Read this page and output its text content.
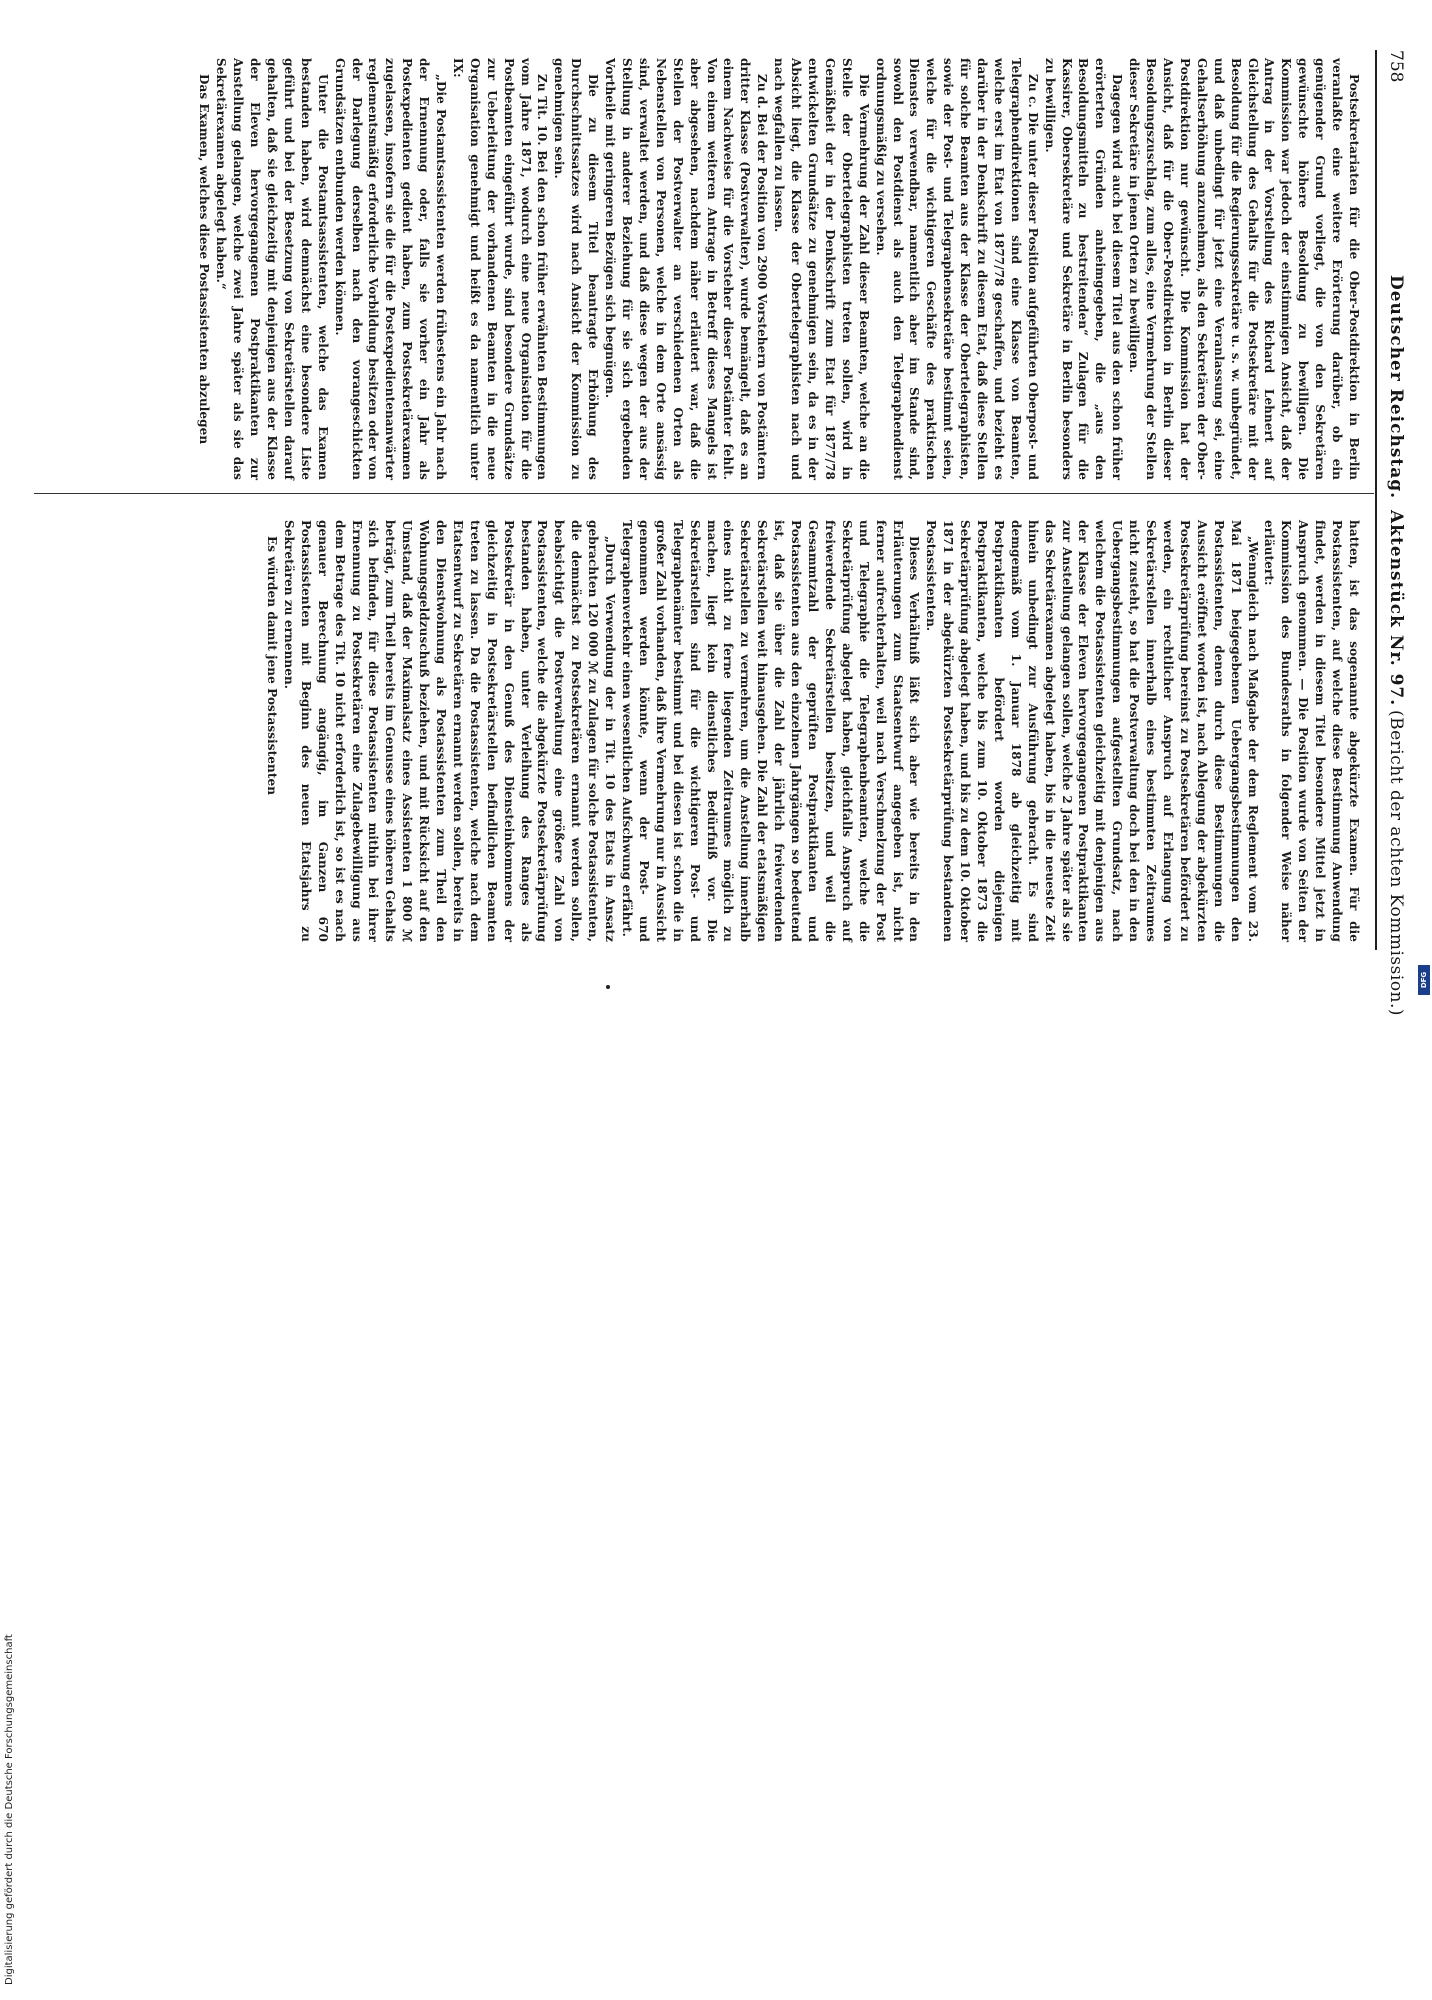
758
Deutscher Reichstag.
Aktenstück Nr. 97.
(Bericht der achten Kommission.)

Postsekretariaten für die Ober-Postdirektion in Berlin veranlaßte eine weitere Erörterung darüber, ob ein genügender Grund vorliegt, die von den Sekretären gewünschte höhere Besoldung zu bewilligen. Die Kommission war jedoch der einstimmigen Ansicht, daß der Antrag in der Vorstellung des Richard Lehnert auf Gleichstellung des Gehalts für die Postsekretäre mit der Besoldung für die Regierungssekretäre u. s. w. unbegründet, und daß unbedingt für jetzt eine Veranlassung sei, eine Gehaltserhöhung anzunehmen, als den Sekretären der Ober-Postdirektion nur gewünscht. Die Kommission hat der Ansicht, daß für die Ober-Postdirektion in Berlin dieser Besoldungszuschlag, zum alles, eine Vermehrung der Stellen dieser Sekretäre in jenen Orten zu bewilligen.

Dagegen wird auch bei diesem Titel aus den schon früher erörterten Gründen anheimgegeben, die „aus den Besoldungsmitteln zu bestreitenden“ Zulagen für die Kassirer, Obersekretäre und Sekretäre in Berlin besonders zu bewilligen.

Zu c. Die unter dieser Position aufgeführten Oberpost- und Telegraphendirektionen sind eine Klasse von Beamten, welche erst im Etat von 1877/78 geschaffen, und bezieht es darüber in der Denkschrift zu diesem Etat, daß diese Stellen für solche Beamten aus der Klasse der Obertelegraphisten, sowie der Post- und Telegraphensekretäre bestimmt seien, welche für die wichtigeren Geschäfte des praktischen Dienstes verwendbar, namentlich aber im Stande sind, sowohl den Postdienst als auch den Telegraphendienst ordnungsmäßig zu versehen.

Die Vermehrung der Zahl dieser Beamten, welche an die Stelle der Obertelegraphisten treten sollen, wird in Gemäßheit der in der Denkschrift zum Etat für 1877/78 entwickelten Grundsätze zu genehmigen sein, da es in der Absicht liegt, die Klasse der Obertelegraphisten nach und nach wegfallen zu lassen.

Zu d. Bei der Position von 2900 Vorstehern von Postämtern dritter Klasse (Postverwalter), wurde bemängelt, daß es an einem Nachweise für die Vorsteher dieser Postämter fehlt. Von einem weiteren Antrage in Betreff dieses Mangels ist aber abgesehen, nachdem näher erläutert war, daß die Stellen der Postverwalter an verschiedenen Orten als Nebenstellen von Personen, welche in dem Orte ansässig sind, verwaltet werden, und daß diese wegen der aus der Stellung in anderer Beziehung für sie sich ergebenden Vortheile mit geringeren Bezügen sich begnügen.

Die zu diesem Titel beantragte Erhöhung des Durchschnittssatzes wird nach Ansicht der Kommission zu genehmigen sein.

Zu Tit. 10. Bei den schon früher erwähnten Bestimmungen vom Jahre 1871, wodurch eine neue Organisation für die Postbeamten eingeführt wurde, sind besondere Grundsätze zur Ueberleitung der vorhandenen Beamten in die neue Organisation genehmigt und heißt es da namentlich unter IX:

„Die Postamtsassistenten werden frühestens ein Jahr nach der Ernennung oder, falls sie vorher ein Jahr als Postexpedienten gedient haben, zum Postsekretärexamen zugelassen, insofern sie die für die Postexpedientenanwärter reglementsmäßig erforderliche Vorbildung besitzen oder von der Darlegung derselben nach den vorangeschickten Grundsätzen entbunden werden können.

Unter die Postamtsassistenten, welche das Examen bestanden haben, wird demnächst eine besondere Liste geführt und bei der Besetzung von Sekretärstellen darauf gehalten, daß sie gleichzeitig mit denjenigen aus der Klasse der Eleven hervorgegangenen Postpraktikanten zur Anstellung gelangen, welche zwei Jahre später als sie das Sekretärexamen abgelegt haben.“

Das Examen, welches diese Postassistenten abzulegen

hatten, ist das sogenannte abgekürzte Examen. Für die Postassistenten, auf welche diese Bestimmung Anwendung findet, werden in diesem Titel besondere Mittel jetzt in Anspruch genommen. — Die Position wurde von Seiten der Kommission des Bundesraths in folgender Weise näher erläutert:

„Wenngleich nach Maßgabe der dem Reglement vom 23. Mai 1871 beigegebenen Uebergangsbestimmungen den Postassistenten, denen durch diese Bestimmungen die Aussicht eröffnet worden ist, nach Ablegung der abgekürzten Postsekretärprüfung bereinst zu Postsekretären befördert zu werden, ein rechtlicher Anspruch auf Erlangung von Sekretärstellen innerhalb eines bestimmten Zeitraumes nicht zusteht, so hat die Postverwaltung doch bei den in den Uebergangsbestimmungen aufgestellten Grundsatz, nach welchem die Postassistenten gleichzeitig mit denjenigen aus der Klasse der Eleven hervorgegangenen Postpraktikanten zur Anstellung gelangen sollen, welche 2 Jahre später als sie das Sekretärexamen abgelegt haben, bis in die neueste Zeit hinein unbedingt zur Ausführung gebracht. Es sind demgemäß vom 1. Januar 1878 ab gleichzeitig mit Postpraktikanten befördert worden diejenigen Postpraktikanten, welche bis zum 10. Oktober 1873 die Sekretärprüfung abgelegt haben, und bis zu dem 10. Oktober 1871 in der abgekürzten Postsekretärprüfung bestandenen Postassistenten.

Dieses Verhältniß läßt sich aber wie bereits in den Erläuterungen zum Staatsentwurf angegeben ist, nicht ferner aufrechterhalten, weil nach Verschmelzung der Post und Telegraphie die Telegraphenbeamten, welche die Sekretärprüfung abgelegt haben, gleichfalls Anspruch auf freiwerdende Sekretärstellen besitzen, und weil die Gesammtzahl der geprüften Postpraktikanten und Postassistenten aus den einzelnen Jahrgängen so bedeutend ist, daß sie über die Zahl der jährlich freiwerdenden Sekretärstellen weit hinausgehen. Die Zahl der etatsmäßigen Sekretärstellen zu vermehren, um die Anstellung innerhalb eines nicht zu ferne liegenden Zeitraumes möglich zu machen, liegt kein dienstliches Bedürfniß vor. Die Sekretärstellen sind für die wichtigeren Post- und Telegraphenämter bestimmt und bei diesen ist schon die in großer Zahl vorhanden, daß ihre Vermehrung nur in Aussicht genommen werden könnte, wenn der Post- und Telegraphenverkehr einen wesentlichen Aufschwung erfährt.

„Durch Verwendung der in Tit. 10 des Etats in Ansatz gebrachten 120 000 ℳ zu Zulagen für solche Postassistenten, die demnächst zu Postsekretären ernannt werden sollen, beabsichtigt die Postverwaltung eine größere Zahl von Postassistenten, welche die abgekürzte Postsekretärprüfung bestanden haben, unter Verleihung des Ranges als Postsekretär in den Genuß des Diensteinkommens der gleichzeitig in Postsekretärstellen befindlichen Beamten treten zu lassen. Da die Postassistenten, welche nach dem Etatsentwurf zu Sekretären ernannt werden sollen, bereits in den Dienstwohnung als Postassistenten zum Theil den Wohnungsgeldzuschuß beziehen, und mit Rücksicht auf den Umstand, daß der Maximalsatz eines Assistenten 1 800 ℳ beträgt, zum Theil bereits im Genusse eines höheren Gehalts sich befinden, für diese Postassistenten mithin bei ihrer Ernennung zu Postsekretären eine Zulagebewilligung aus dem Betrage des Tit. 10 nicht erforderlich ist, so ist es nach genauer Berechnung angängig, im Ganzen 670 Postassistenten mit Beginn des neuen Etatsjahrs zu Sekretären zu ernennen.

Es würden damit jene Postassistenten

Digitalisierung gefördert durch die Deutsche Forschungsgemeinschaft
DFG
